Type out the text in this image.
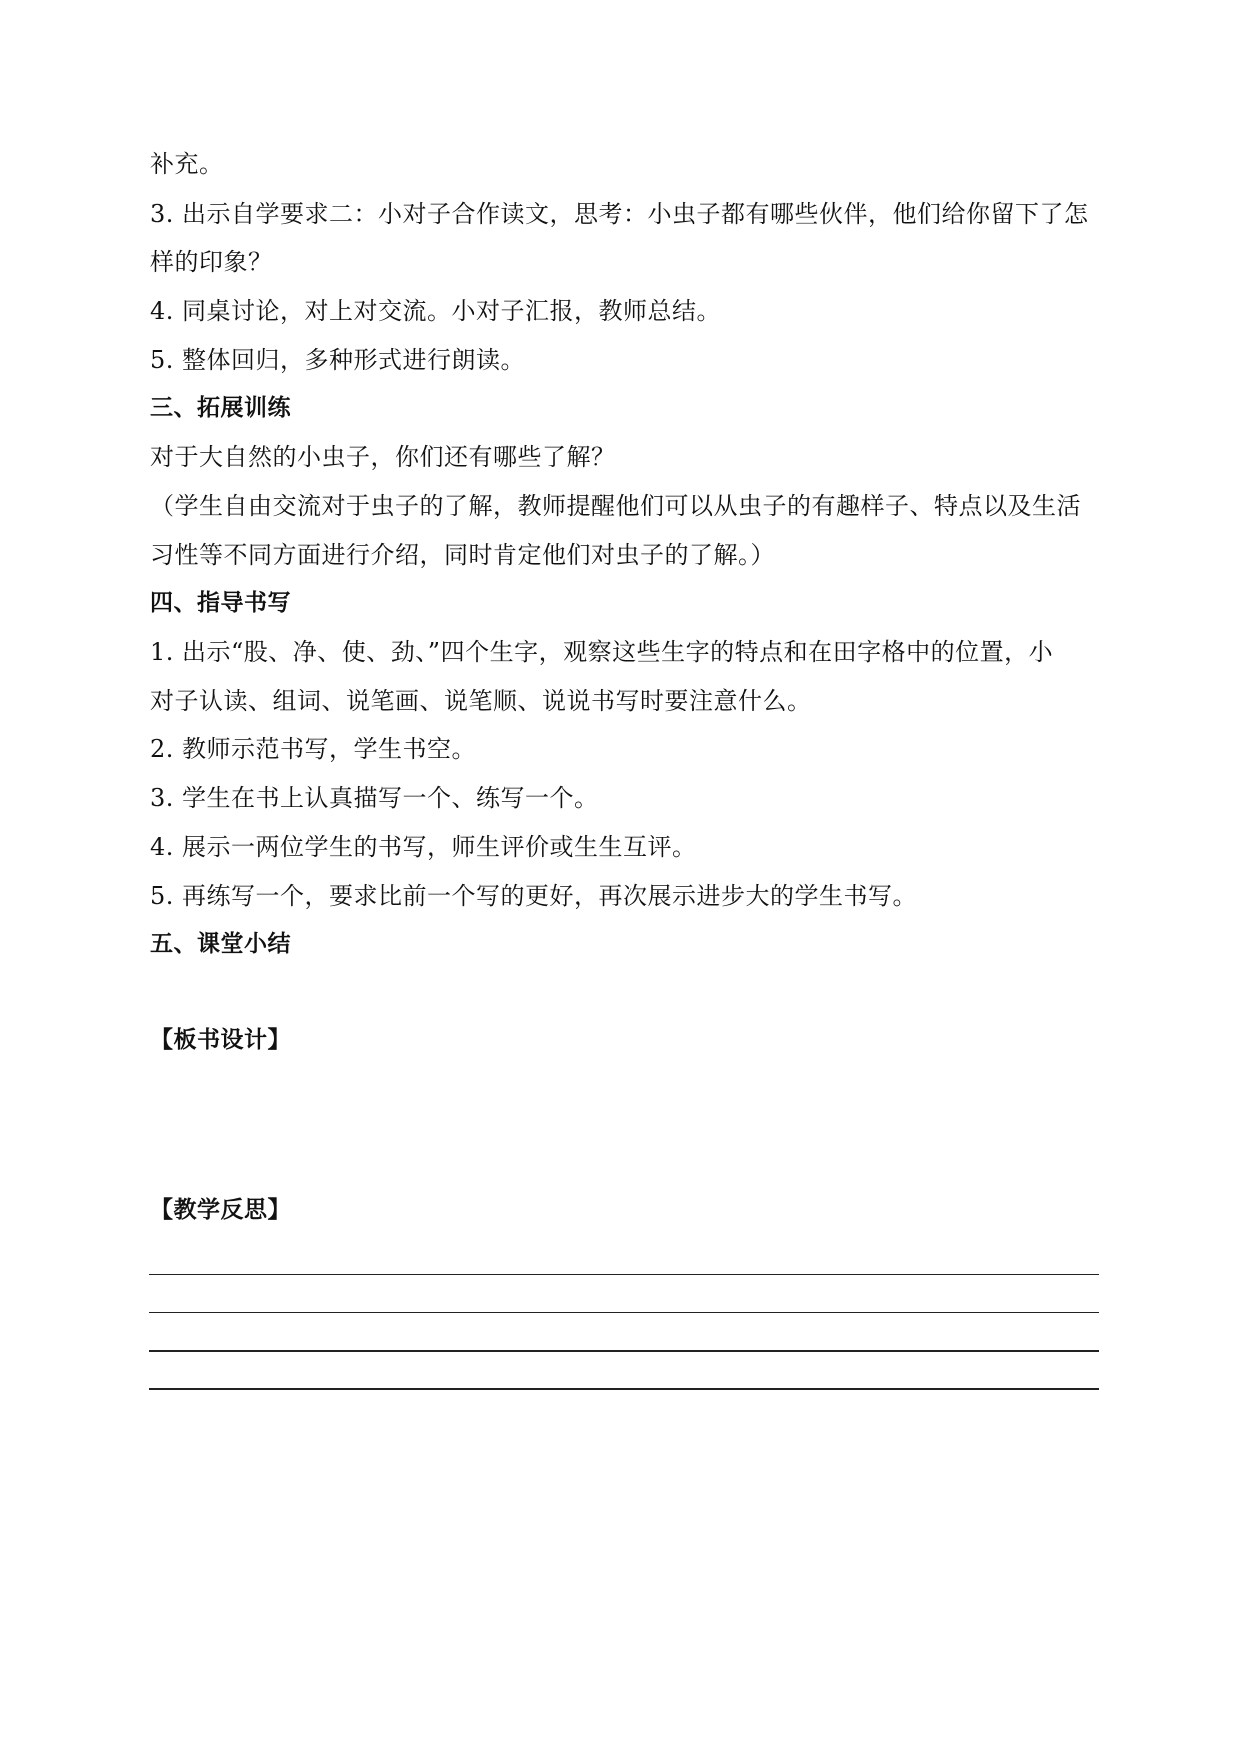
补充。
3. 出示自学要求二：小对子合作读文，思考：小虫子都有哪些伙伴，他们给你留下了怎
样的印象？
4. 同桌讨论，对上对交流。小对子汇报，教师总结。
5. 整体回归，多种形式进行朗读。
三、拓展训练
对于大自然的小虫子，你们还有哪些了解？
（学生自由交流对于虫子的了解，教师提醒他们可以从虫子的有趣样子、特点以及生活
习性等不同方面进行介绍，同时肯定他们对虫子的了解。）
四、指导书写
1. 出示“股、净、使、劲、”四个生字，观察这些生字的特点和在田字格中的位置，小
对子认读、组词、说笔画、说笔顺、说说书写时要注意什么。
2. 教师示范书写，学生书空。
3. 学生在书上认真描写一个、练写一个。
4. 展示一两位学生的书写，师生评价或生生互评。
5. 再练写一个，要求比前一个写的更好，再次展示进步大的学生书写。
五、课堂小结
【板书设计】
【教学反思】
